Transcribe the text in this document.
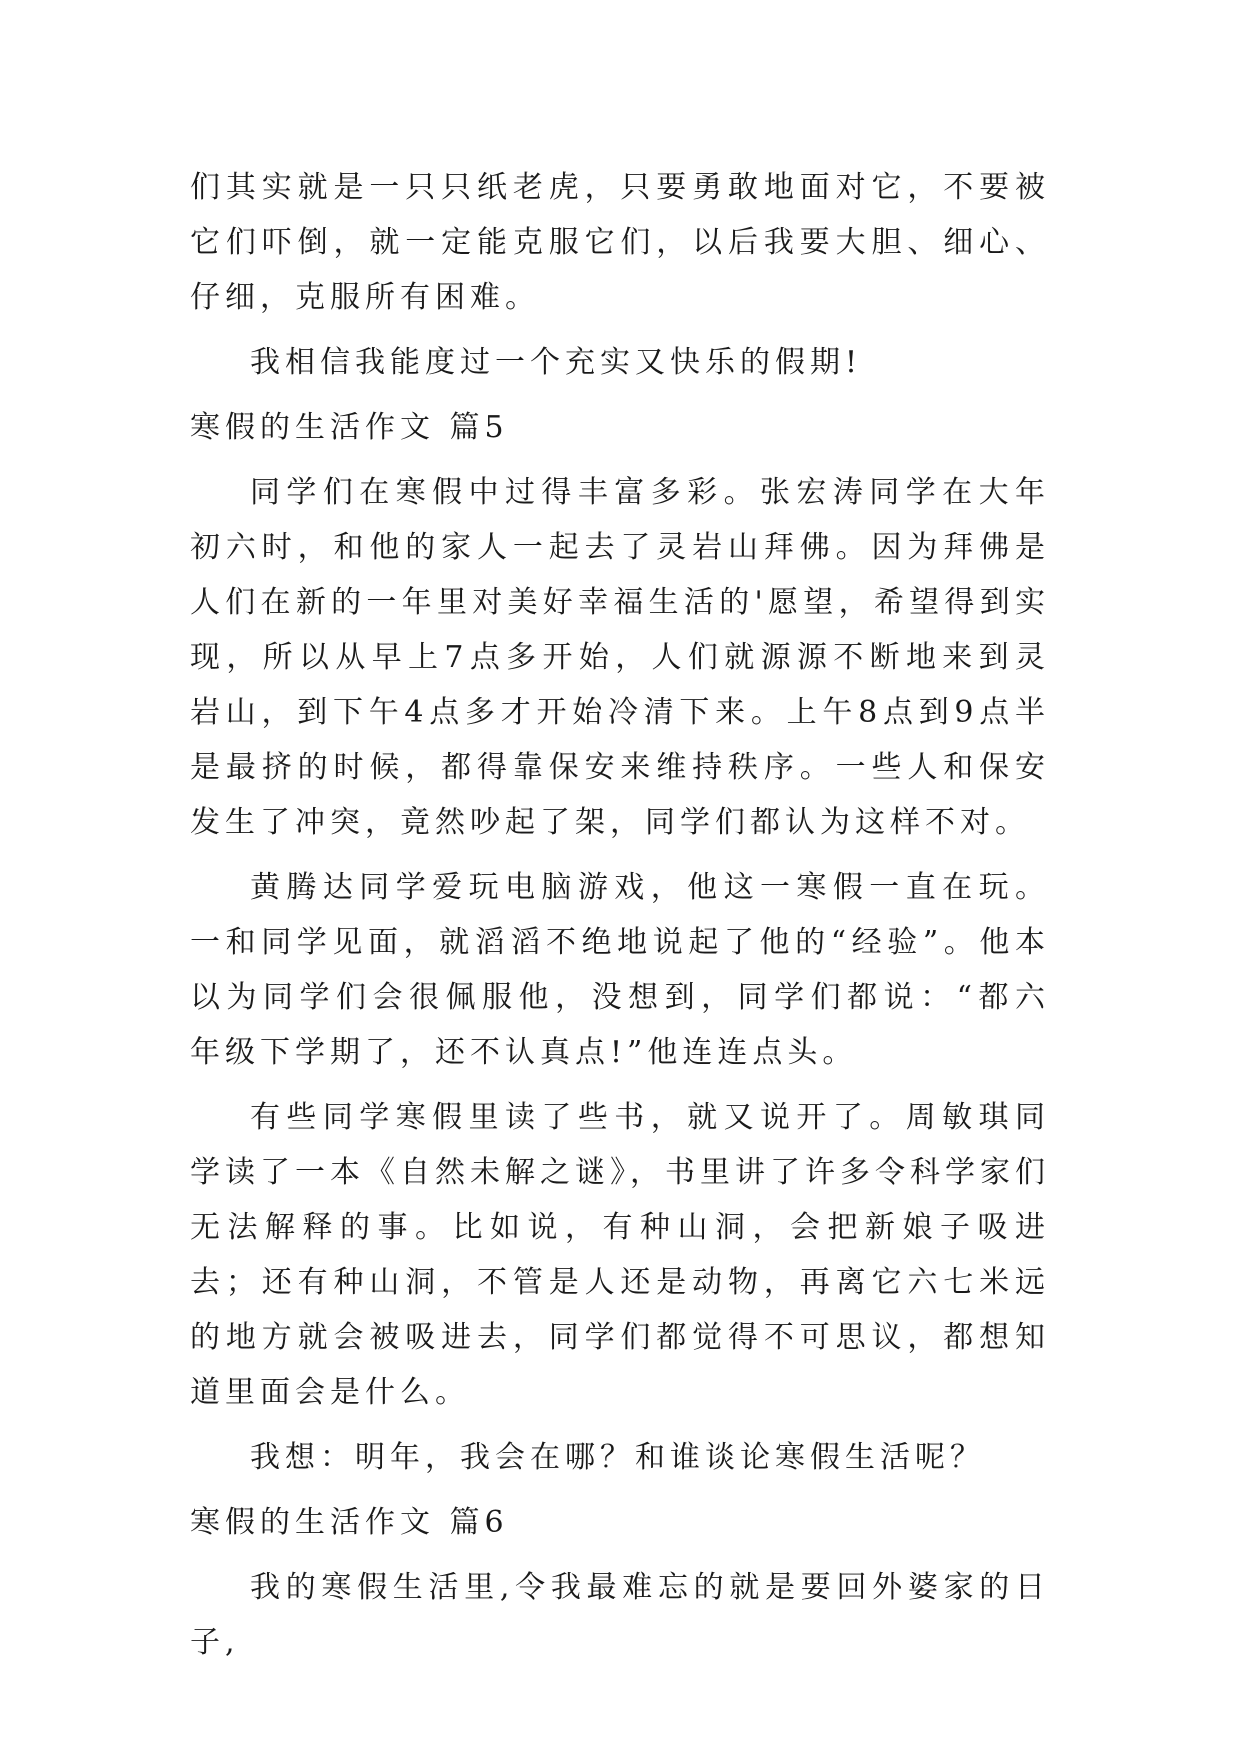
们其实就是一只只纸老虎，只要勇敢地面对它，不要被它们吓倒，就一定能克服它们，以后我要大胆、细心、仔细，克服所有困难。

我相信我能度过一个充实又快乐的假期!

寒假的生活作文 篇5

同学们在寒假中过得丰富多彩。张宏涛同学在大年初六时，和他的家人一起去了灵岩山拜佛。因为拜佛是人们在新的一年里对美好幸福生活的'愿望，希望得到实现，所以从早上7点多开始，人们就源源不断地来到灵岩山，到下午4点多才开始冷清下来。上午8点到9点半是最挤的时候，都得靠保安来维持秩序。一些人和保安发生了冲突，竟然吵起了架，同学们都认为这样不对。

黄腾达同学爱玩电脑游戏，他这一寒假一直在玩。一和同学见面，就滔滔不绝地说起了他的“经验”。他本以为同学们会很佩服他，没想到，同学们都说：“都六年级下学期了，还不认真点!”他连连点头。

有些同学寒假里读了些书，就又说开了。周敏琪同学读了一本《自然未解之谜》，书里讲了许多令科学家们无法解释的事。比如说，有种山洞，会把新娘子吸进去；还有种山洞，不管是人还是动物，再离它六七米远的地方就会被吸进去，同学们都觉得不可思议，都想知道里面会是什么。

我想：明年，我会在哪？和谁谈论寒假生活呢？

寒假的生活作文 篇6

我的寒假生活里,令我最难忘的就是要回外婆家的日子,
